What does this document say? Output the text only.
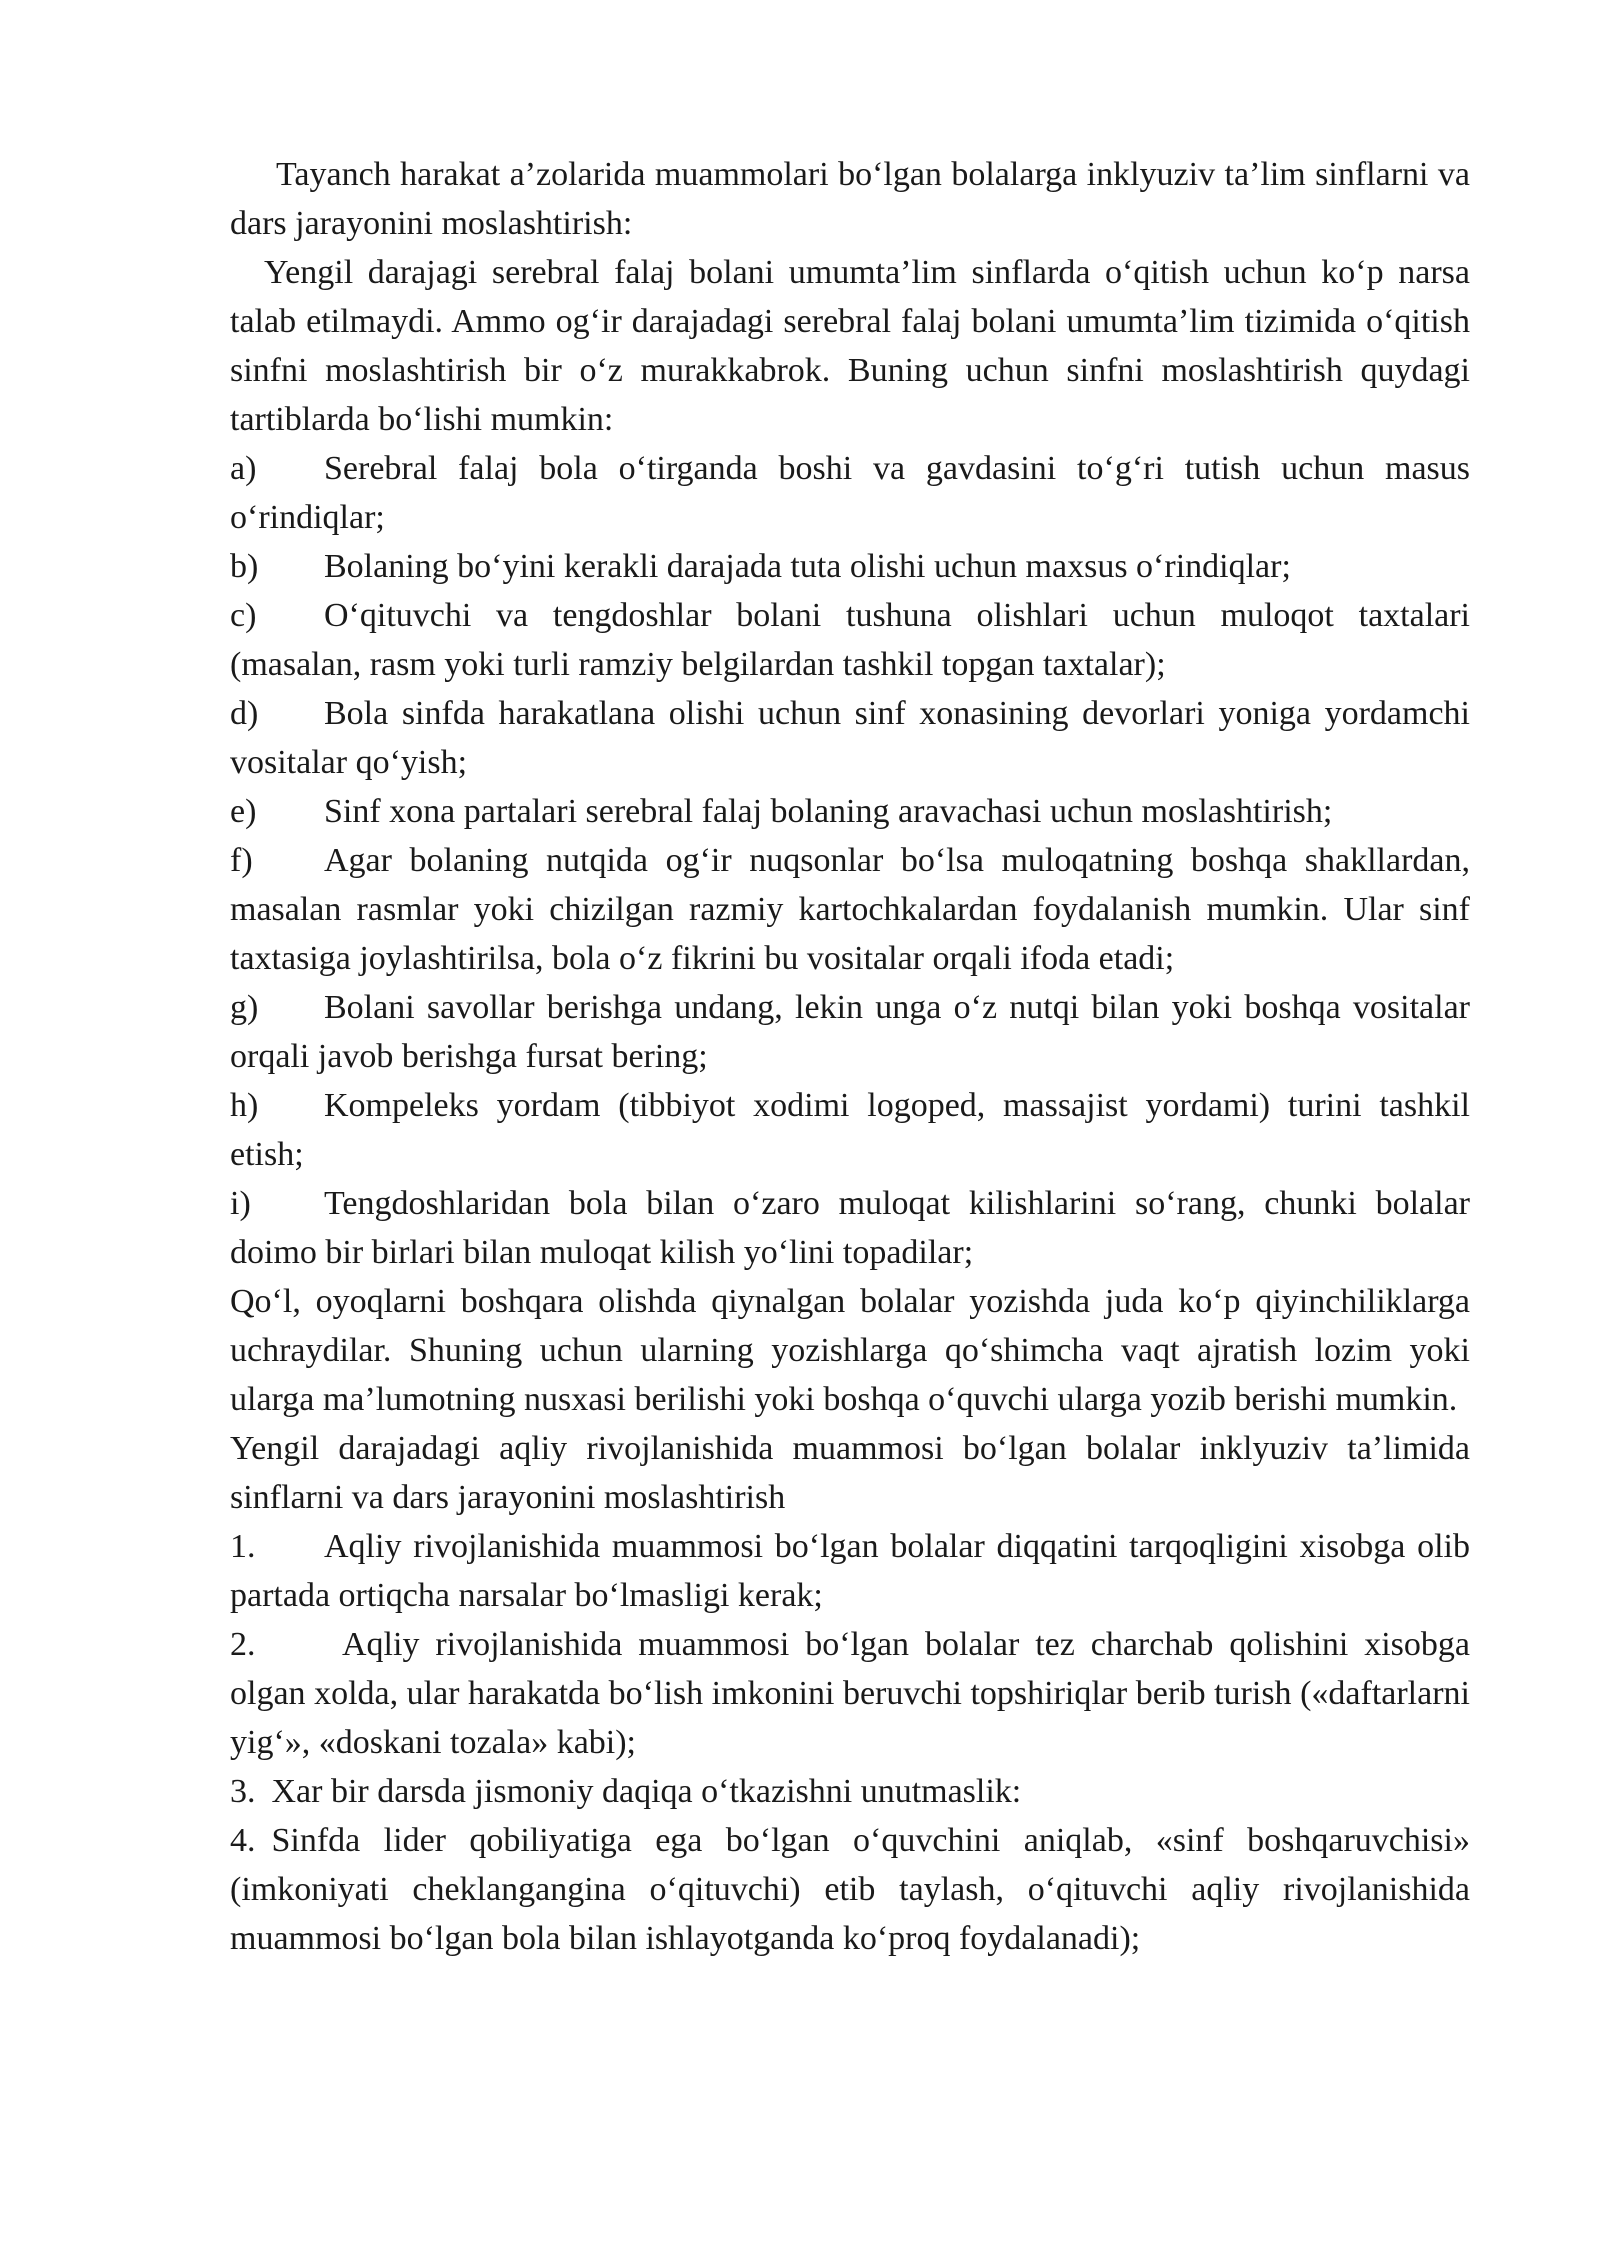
Tayanch harakat a’zolarida muammolari bo‘lgan bolalarga inklyuziv ta’lim sinflarni va dars jarayonini moslashtirish:

Yengil darajagi serebral falaj bolani umumta’lim sinflarda o‘qitish uchun ko‘p narsa talab etilmaydi. Ammo og‘ir darajadagi serebral falaj bolani umumta’lim tizimida o‘qitish sinfni moslashtirish bir o‘z murakkabrok. Buning uchun sinfni moslashtirish quydagi tartiblarda bo‘lishi mumkin:

a) Serebral falaj bola o‘tirganda boshi va gavdasini to‘g‘ri tutish uchun masus o‘rindiqlar;

b) Bolaning bo‘yini kerakli darajada tuta olishi uchun maxsus o‘rindiqlar;

c) O‘qituvchi va tengdoshlar bolani tushuna olishlari uchun muloqot taxtalari (masalan, rasm yoki turli ramziy belgilardan tashkil topgan taxtalar);

d) Bola sinfda harakatlana olishi uchun sinf xonasining devorlari yoniga yordamchi vositalar qo‘yish;

e) Sinf xona partalari serebral falaj bolaning aravachasi uchun moslashtirish;

f) Agar bolaning nutqida og‘ir nuqsonlar bo‘lsa muloqatning boshqa shakllardan, masalan rasmlar yoki chizilgan razmiy kartochkalardan foydalanish mumkin. Ular sinf taxtasiga joylashtirilsa, bola o‘z fikrini bu vositalar orqali ifoda etadi;

g) Bolani savollar berishga undang, lekin unga o‘z nutqi bilan yoki boshqa vositalar orqali javob berishga fursat bering;

h) Kompeleks yordam (tibbiyot xodimi logoped, massajist yordami) turini tashkil etish;

i) Tengdoshlaridan bola bilan o‘zaro muloqat kilishlarini so‘rang, chunki bolalar doimo bir birlari bilan muloqat kilish yo‘lini topadilar;

Qo‘l, oyoqlarni boshqara olishda qiynalgan bolalar yozishda juda ko‘p qiyinchiliklarga uchraydilar. Shuning uchun ularning yozishlarga qo‘shimcha vaqt ajratish lozim yoki ularga ma’lumotning nusxasi berilishi yoki boshqa o‘quvchi ularga yozib berishi mumkin.

Yengil darajadagi aqliy rivojlanishida muammosi bo‘lgan bolalar inklyuziv ta’limida sinflarni va dars jarayonini moslashtirish

1. Aqliy rivojlanishida muammosi bo‘lgan bolalar diqqatini tarqoqligini xisobga olib partada ortiqcha narsalar bo‘lmasligi kerak;

2.	Aqliy rivojlanishida muammosi bo‘lgan bolalar tez charchab qolishini xisobga olgan xolda, ular harakatda bo‘lish imkonini beruvchi topshiriqlar berib turish («daftarlarni yig‘», «doskani tozala» kabi);

3. Xar bir darsda jismoniy daqiqa o‘tkazishni unutmaslik:

4. Sinfda lider qobiliyatiga ega bo‘lgan o‘quvchini aniqlab, «sinf boshqaruvchisi» (imkoniyati cheklangangina o‘qituvchi) etib taylash, o‘qituvchi aqliy rivojlanishida muammosi bo‘lgan bola bilan ishlayotganda ko‘proq foydalanadi);
